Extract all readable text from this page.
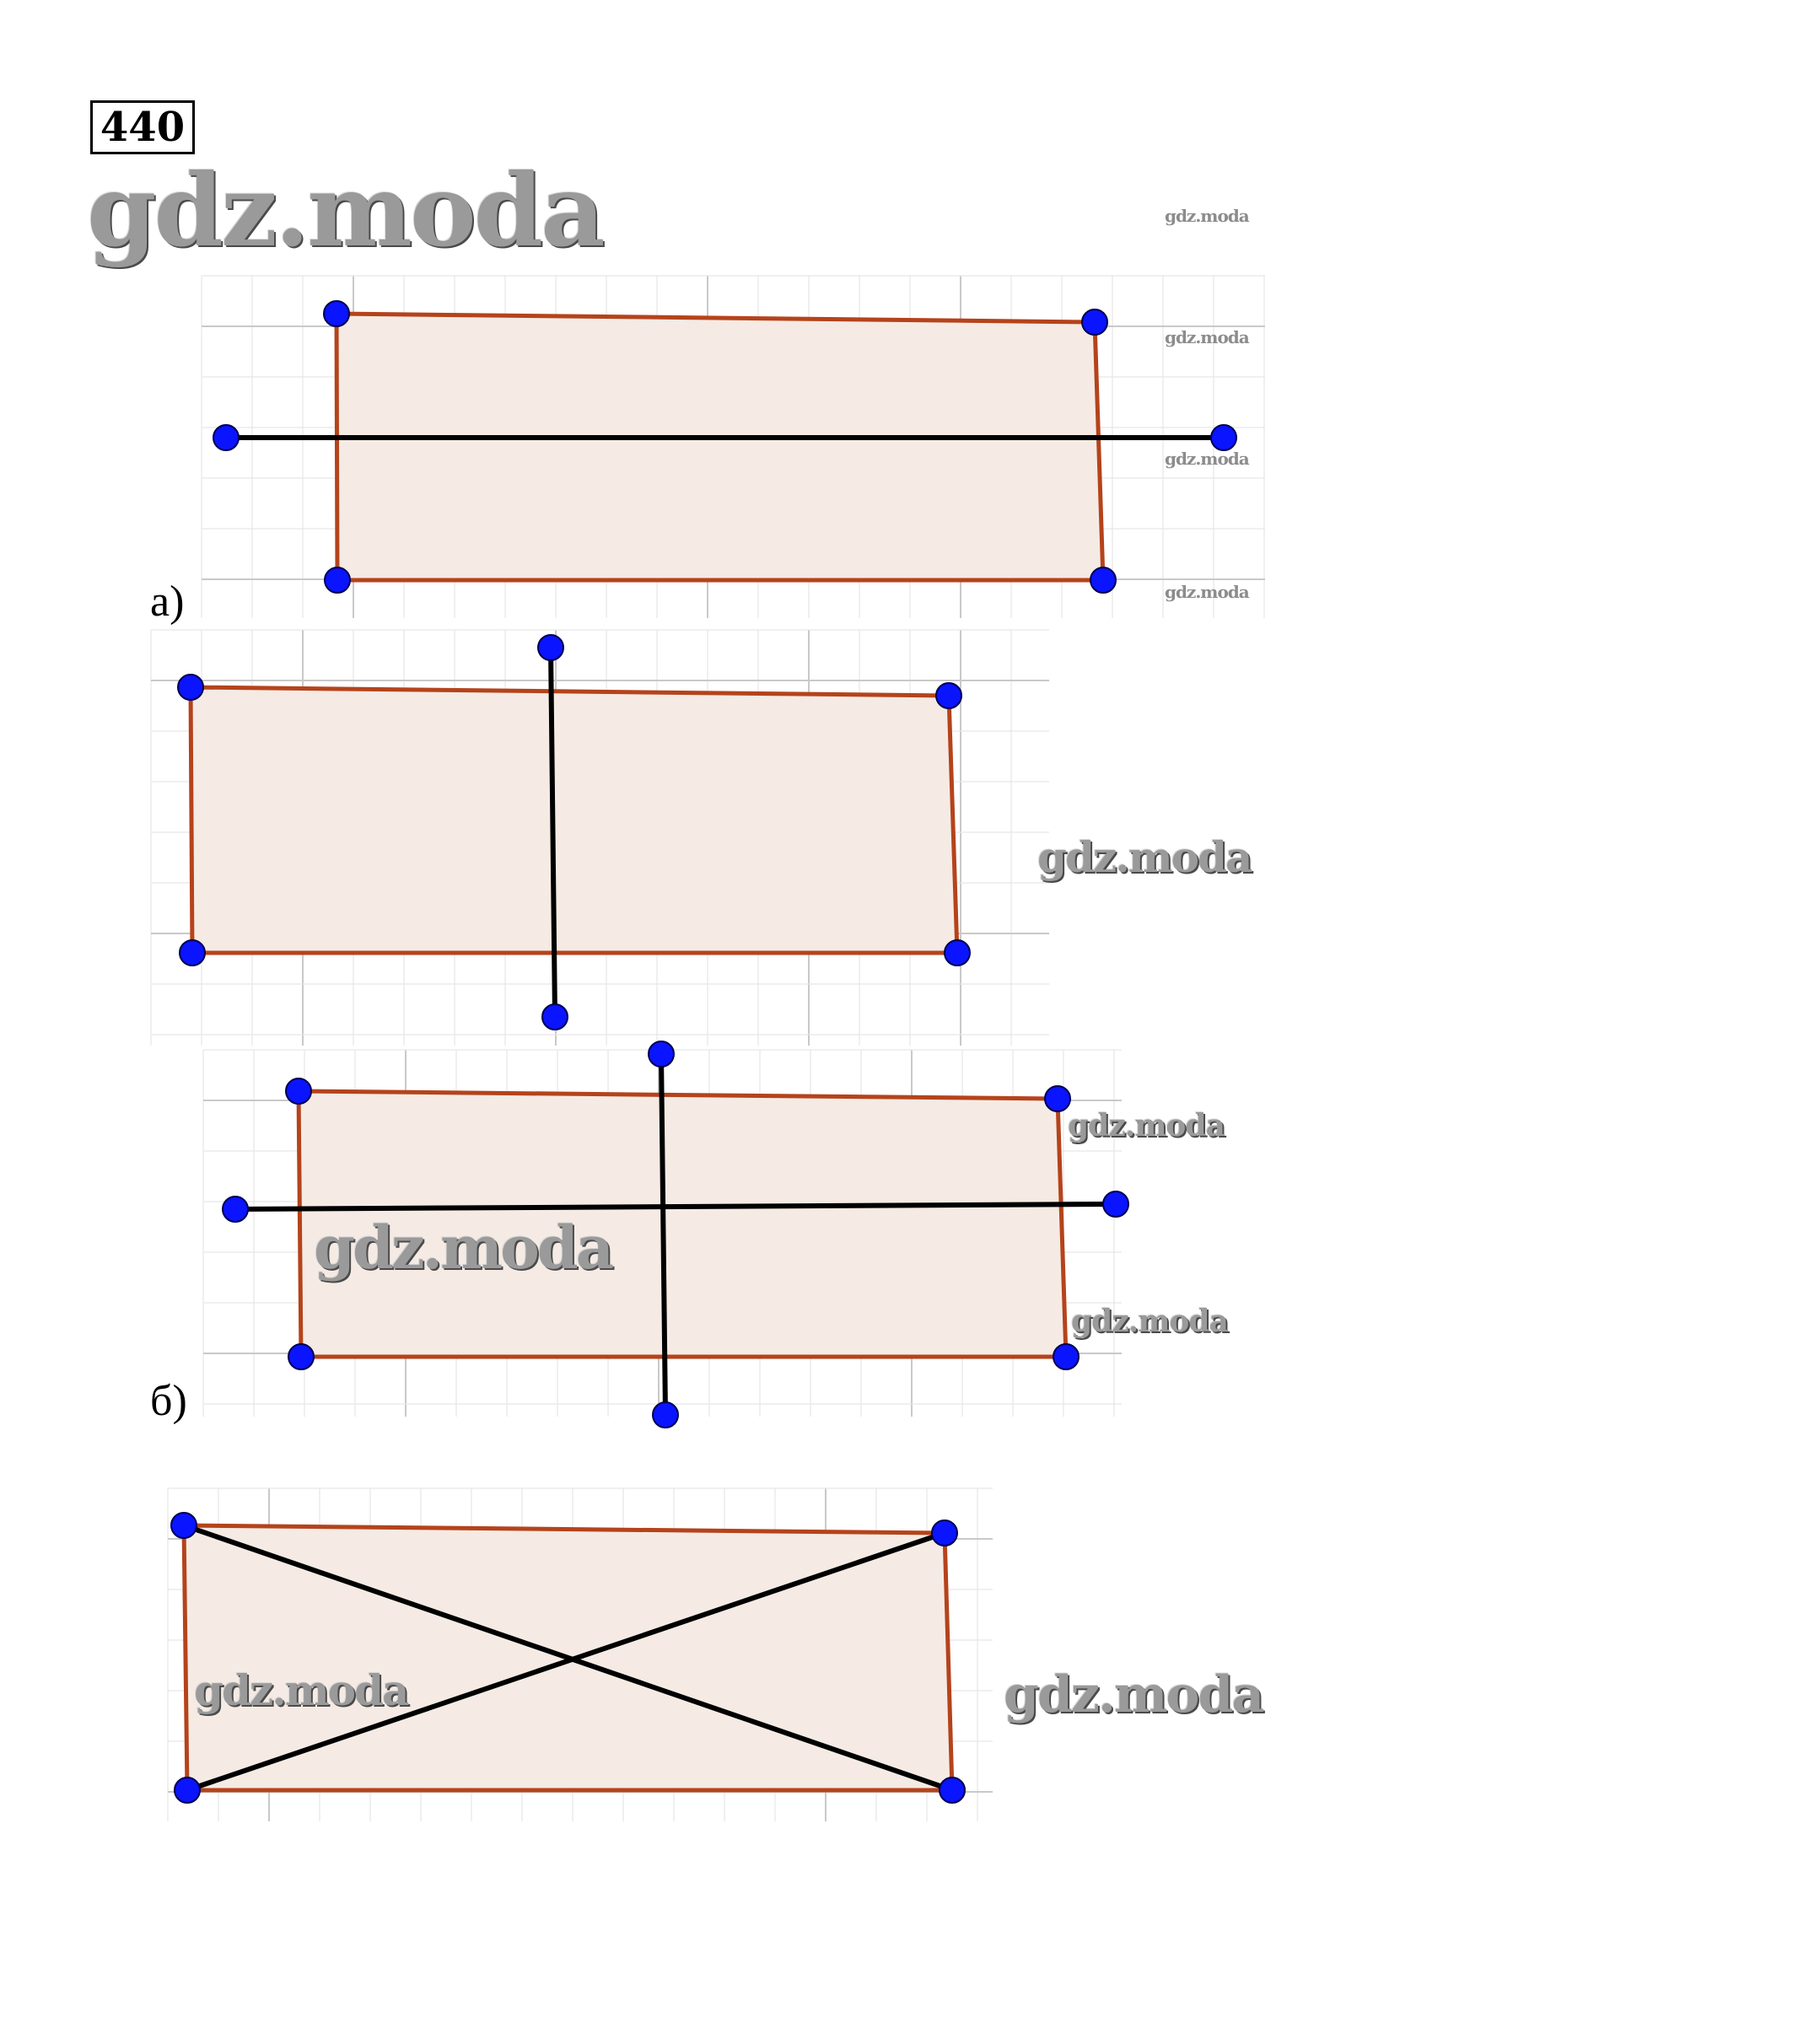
440
gdz.moda	gdz.moda
gdz.moda
gdz.moda
gdz.moda
gdz.moda
gdz.moda
gdz.moda
gdz.moda
gdz.moda	gdz.moda
а)
б)
